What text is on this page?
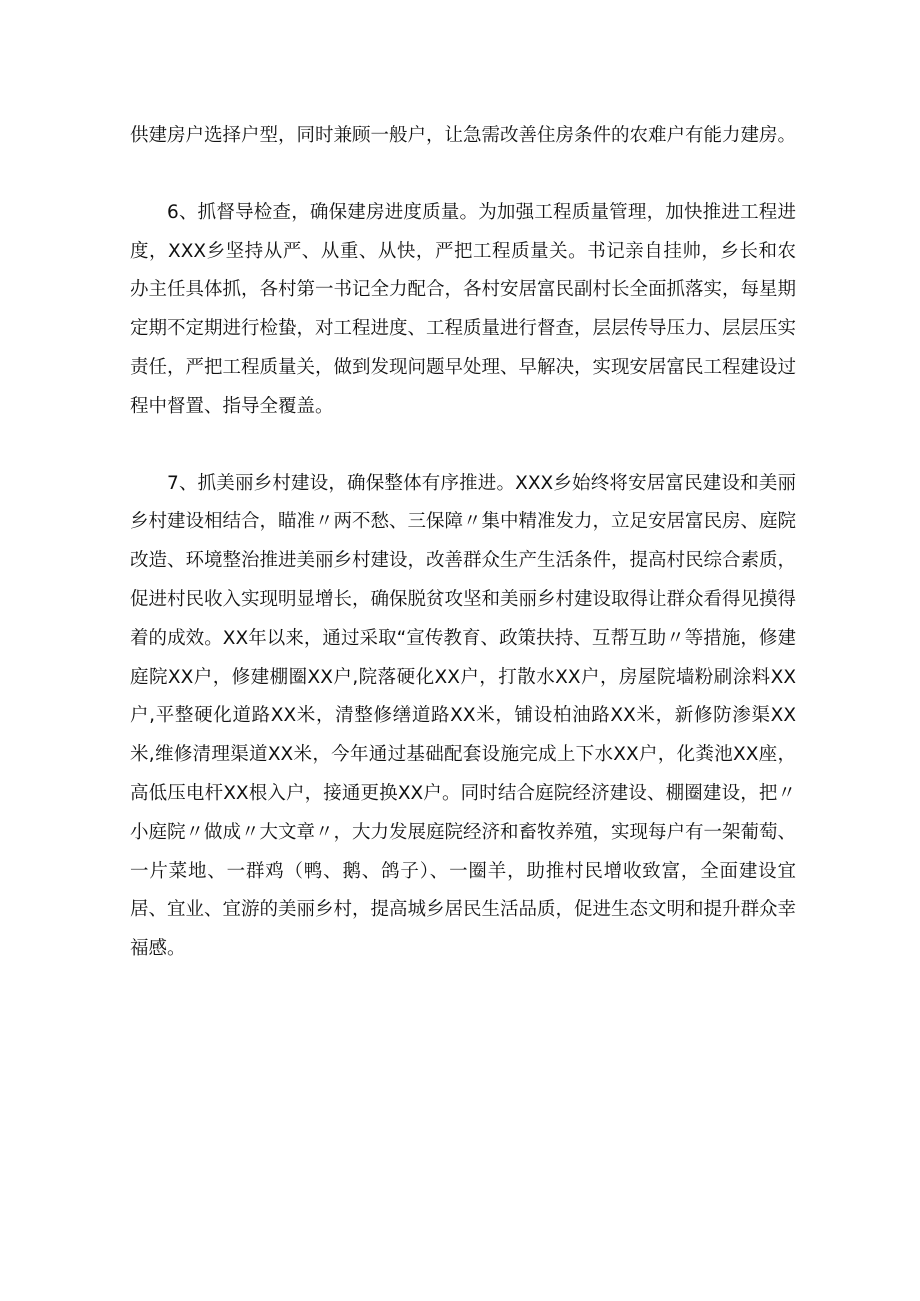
供建房户选择户型，同时兼顾一般户，让急需改善住房条件的农难户有能力建房。

6、抓督导检查，确保建房进度质量。为加强工程质量管理，加快推进工程进度，XXX乡坚持从严、从重、从快，严把工程质量关。书记亲自挂帅，乡长和农办主任具体抓，各村第一书记全力配合，各村安居富民副村长全面抓落实，每星期定期不定期进行检蛰，对工程进度、工程质量进行督查，层层传导压力、层层压实责任，严把工程质量关，做到发现问题早处理、早解决，实现安居富民工程建设过程中督置、指导全覆盖。

7、抓美丽乡村建设，确保整体有序推进。XXX乡始终将安居富民建设和美丽乡村建设相结合，瞄准〃两不愁、三保障〃集中精准发力，立足安居富民房、庭院改造、环境整治推进美丽乡村建设，改善群众生产生活条件，提高村民综合素质，促进村民收入实现明显增长，确保脱贫攻坚和美丽乡村建设取得让群众看得见摸得着的成效。XX年以来，通过采取“宣传教育、政策扶持、互帮互助〃等措施，修建庭院XX户，修建棚圈XX户,院落硬化XX户，打散水XX户，房屋院墙粉刷涂料XX户,平整硬化道路XX米，清整修缮道路XX米，铺设柏油路XX米，新修防渗渠XX米,维修清理渠道XX米，今年通过基础配套设施完成上下水XX户，化粪池XX座，高低压电杆XX根入户，接通更换XX户。同时结合庭院经济建设、棚圈建设，把〃小庭院〃做成〃大文章〃，大力发展庭院经济和畜牧养殖，实现每户有一架葡萄、一片菜地、一群鸡（鸭、鹅、鸽子）、一圈羊，助推村民增收致富，全面建设宜居、宜业、宜游的美丽乡村，提高城乡居民生活品质，促进生态文明和提升群众幸福感。
